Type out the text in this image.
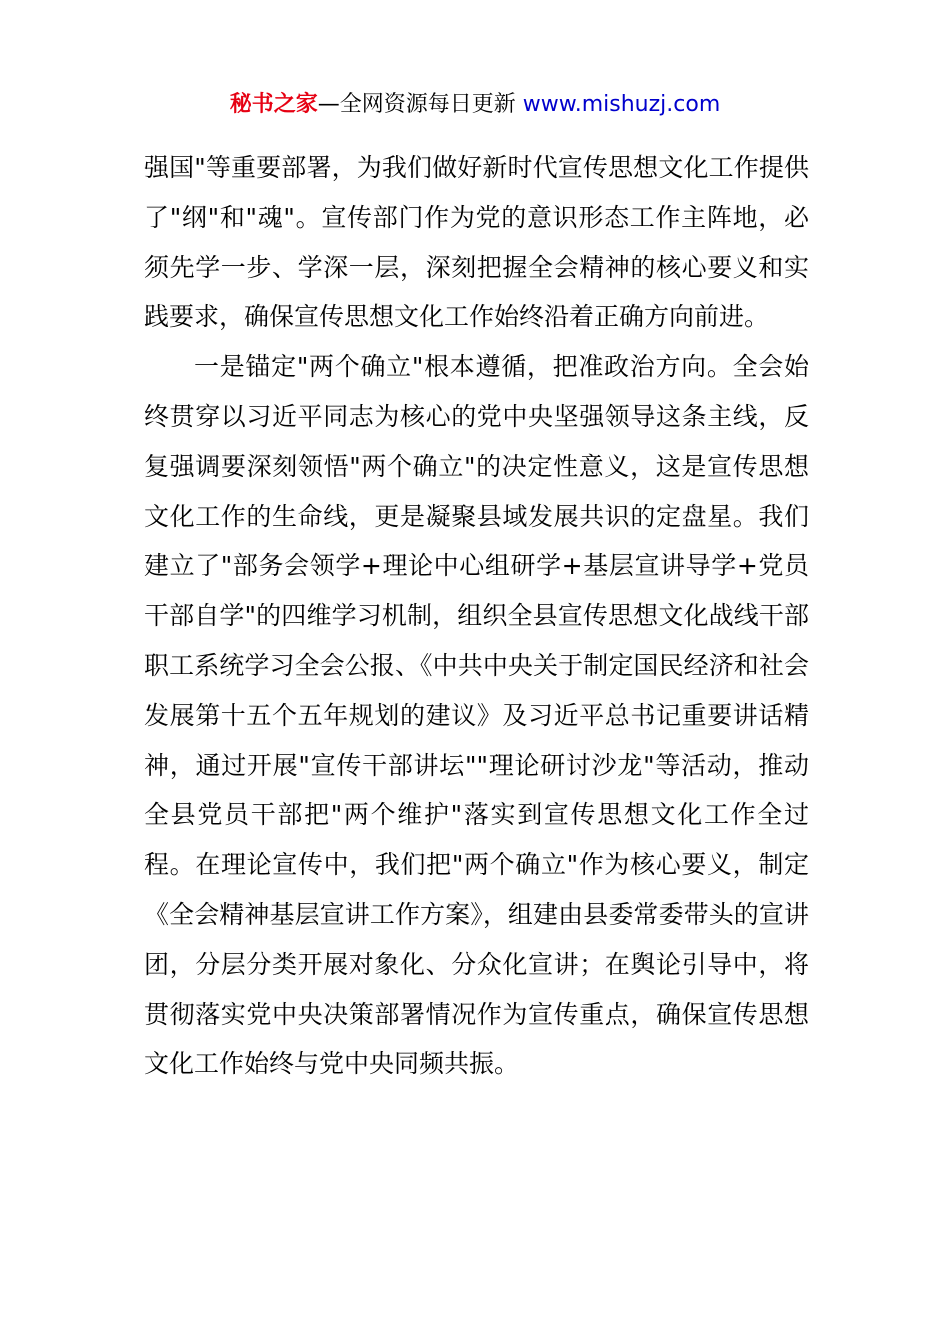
秘书之家—全网资源每日更新 www.mishuzj.com

强国"等重要部署，为我们做好新时代宣传思想文化工作提供了"纲"和"魂"。宣传部门作为党的意识形态工作主阵地，必须先学一步、学深一层，深刻把握全会精神的核心要义和实践要求，确保宣传思想文化工作始终沿着正确方向前进。

一是锚定"两个确立"根本遵循，把准政治方向。全会始终贯穿以习近平同志为核心的党中央坚强领导这条主线，反复强调要深刻领悟"两个确立"的决定性意义，这是宣传思想文化工作的生命线，更是凝聚县域发展共识的定盘星。我们建立了"部务会领学+理论中心组研学+基层宣讲导学+党员干部自学"的四维学习机制，组织全县宣传思想文化战线干部职工系统学习全会公报、《中共中央关于制定国民经济和社会发展第十五个五年规划的建议》及习近平总书记重要讲话精神，通过开展"宣传干部讲坛""理论研讨沙龙"等活动，推动全县党员干部把"两个维护"落实到宣传思想文化工作全过程。在理论宣传中，我们把"两个确立"作为核心要义，制定《全会精神基层宣讲工作方案》，组建由县委常委带头的宣讲团，分层分类开展对象化、分众化宣讲；在舆论引导中，将贯彻落实党中央决策部署情况作为宣传重点，确保宣传思想文化工作始终与党中央同频共振。
